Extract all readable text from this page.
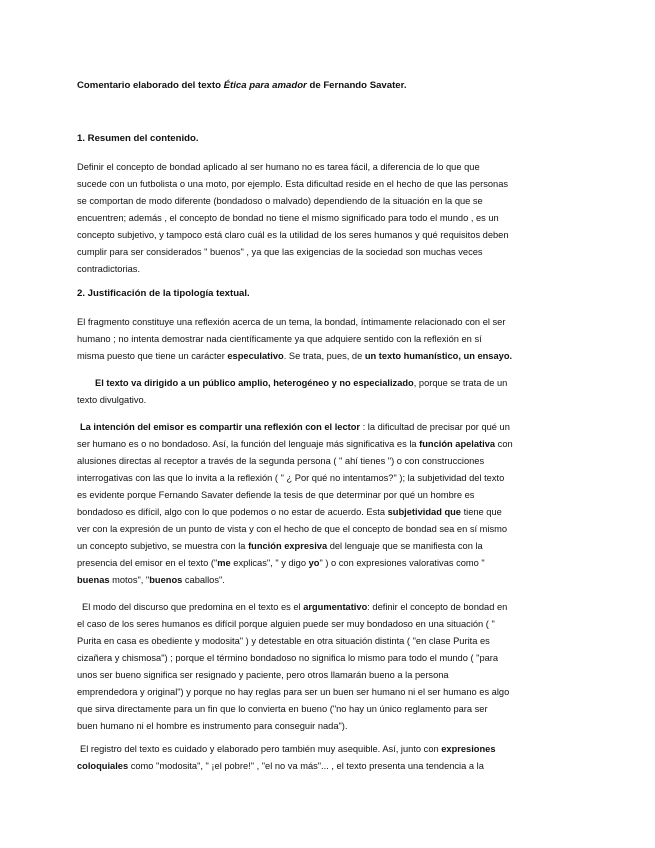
Comentario elaborado del texto Ética para amador de Fernando Savater.
1. Resumen del contenido.
Definir el concepto de bondad aplicado al ser humano no es tarea fácil, a diferencia de lo que que
sucede con un futbolista o una moto, por ejemplo. Esta dificultad reside en el hecho de que las personas
se comportan de modo diferente (bondadoso o malvado) dependiendo de la situación en la que se
encuentren; además , el concepto de bondad no tiene el mismo significado para todo el mundo , es un
concepto subjetivo, y tampoco está claro cuál es la utilidad de los seres humanos y qué requisitos deben
cumplir para ser considerados " buenos" , ya que las exigencias de la sociedad son muchas veces
contradictorias.
2. Justificación de la tipología textual.
El fragmento constituye una reflexión acerca de un tema, la bondad, íntimamente relacionado con el ser
humano ; no intenta demostrar nada científicamente ya que adquiere sentido con la reflexión en sí
misma puesto que tiene un carácter especulativo. Se trata, pues, de un texto humanístico, un ensayo.
El texto va dirigido a un público amplio, heterogéneo y no especializado, porque se trata de un
texto divulgativo.
La intención del emisor es compartir una reflexión con el lector : la dificultad de precisar por qué un
ser humano es o no bondadoso. Así, la función del lenguaje más significativa es la función apelativa con
alusiones directas al receptor a través de la segunda persona ( " ahí tienes ") o con construcciones
interrogativas con las que lo invita a la reflexión ( " ¿ Por qué no intentamos?" ); la subjetividad del texto
es evidente porque Fernando Savater defiende la tesis de que determinar por qué un hombre es
bondadoso es difícil, algo con lo que podemos o no estar de acuerdo. Esta subjetividad que tiene que
ver con la expresión de un punto de vista y con el hecho de que el concepto de bondad sea en sí mismo
un concepto subjetivo, se muestra con la función expresiva del lenguaje que se manifiesta con la
presencia del emisor en el texto ("me explicas", " y digo yo" ) o con expresiones valorativas como "
buenas motos", "buenos caballos".
El modo del discurso que predomina en el texto es el argumentativo: definir el concepto de bondad en
el caso de los seres humanos es difícil porque alguien puede ser muy bondadoso en una situación ( "
Purita en casa es obediente y modosita" ) y detestable en otra situación distinta ( "en clase Purita es
cizañera y chismosa") ; porque el término bondadoso no significa lo mismo para todo el mundo ( "para
unos ser bueno significa ser resignado y paciente, pero otros llamarán bueno a la persona
emprendedora y original") y porque no hay reglas para ser un buen ser humano ni el ser humano es algo
que sirva directamente para un fin que lo convierta en bueno ("no hay un único reglamento para ser
buen humano ni el hombre es instrumento para conseguir nada").
El registro del texto es cuidado y elaborado pero también muy asequible. Así, junto con expresiones
coloquiales como "modosita", " ¡el pobre!" , "el no va más"... , el texto presenta una tendencia a la
